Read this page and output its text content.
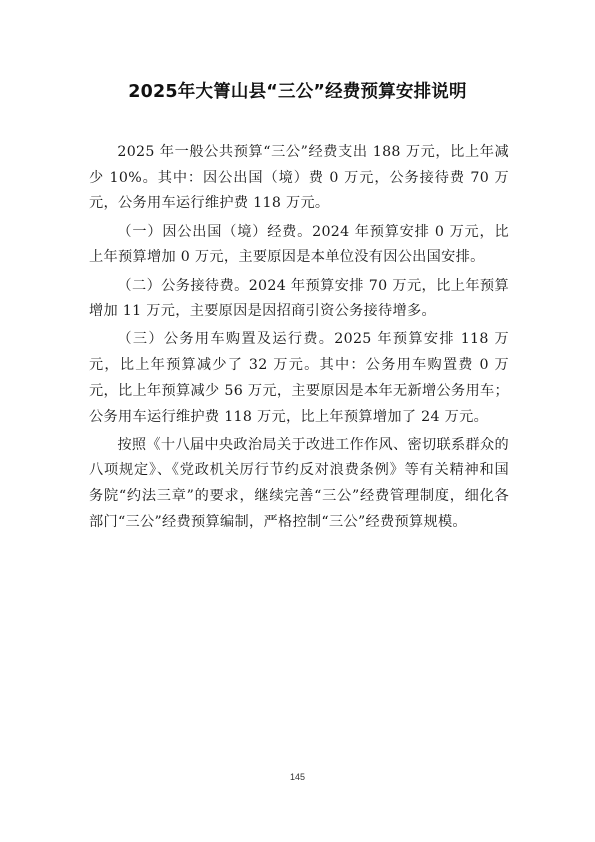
2025年大箐山县“三公”经费预算安排说明

2025 年一般公共预算“三公”经费支出 188 万元，比上年减少 10%。其中：因公出国（境）费 0 万元，公务接待费 70 万元，公务用车运行维护费 118 万元。

（一）因公出国（境）经费。2024 年预算安排 0 万元，比上年预算增加 0 万元，主要原因是本单位没有因公出国安排。

（二）公务接待费。2024 年预算安排 70 万元，比上年预算增加 11 万元，主要原因是因招商引资公务接待增多。

（三）公务用车购置及运行费。2025 年预算安排 118 万元，比上年预算减少了 32 万元。其中：公务用车购置费 0 万元，比上年预算减少 56 万元，主要原因是本年无新增公务用车；公务用车运行维护费 118 万元，比上年预算增加了 24 万元。

按照《十八届中央政治局关于改进工作作风、密切联系群众的八项规定》、《党政机关厉行节约反对浪费条例》等有关精神和国务院“约法三章”的要求，继续完善“三公”经费管理制度，细化各部门“三公”经费预算编制，严格控制“三公”经费预算规模。

145
